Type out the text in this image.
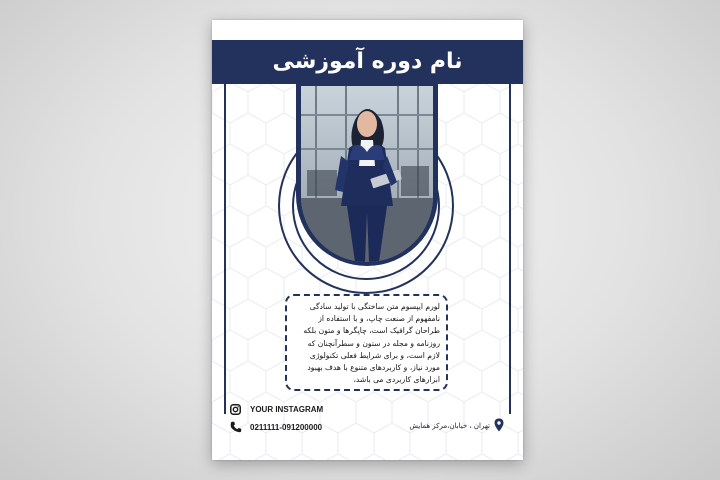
نام دوره آموزشی

لورم ایپسوم متن ساختگی با تولید سادگی نامفهوم از صنعت چاپ، و با استفاده از طراحان گرافیک است، چاپگرها و متون بلکه روزنامه و مجله در ستون و سطرآنچنان که لازم است، و برای شرایط فعلی تکنولوژی مورد نیاز، و کاربردهای متنوع با هدف بهبود ابزارهای کاربردی می باشد،

YOUR INSTAGRAM
0211111-091200000	تهران ، خیابان،مرکز همایش
